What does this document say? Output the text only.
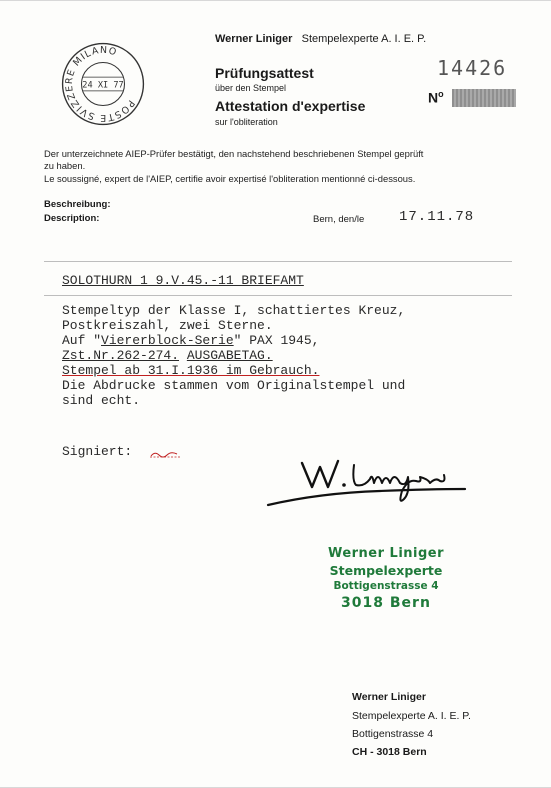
POSTE SVIZZERE MILANO
24 XI 77
Werner Liniger Stempelexperte A. I. E. P.
Prüfungsattest
über den Stempel
Attestation d'expertise
sur l'obliteration
14426
$N^o$
Der unterzeichnete AIEP-Prüfer bestätigt, den nachstehend beschriebenen Stempel geprüft
zu haben.
Le soussigné, expert de l'AIEP, certifie avoir expertisé l'obliteration mentionné ci-dessous.
Beschreibung:
Description:	Bern, den/le 17.11.78
SOLOTHURN 1 9.V.45.-11 BRIEFAMT
Stempeltyp der Klasse I, schattiertes Kreuz,
Postkreiszahl, zwei Sterne.
Auf "Viererblock-Serie" PAX 1945,
Zst.Nr.262-274. AUSGABETAG.
Stempel ab 31.I.1936 im Gebrauch.
Die Abdrucke stammen vom Originalstempel und
sind echt.
Signiert:
Werner Liniger
Stempelexperte
Bottigenstrasse 4
3018 Bern
Werner Liniger
Stempelexperte A. I. E. P.
Bottigenstrasse 4
CH - 3018 Bern
